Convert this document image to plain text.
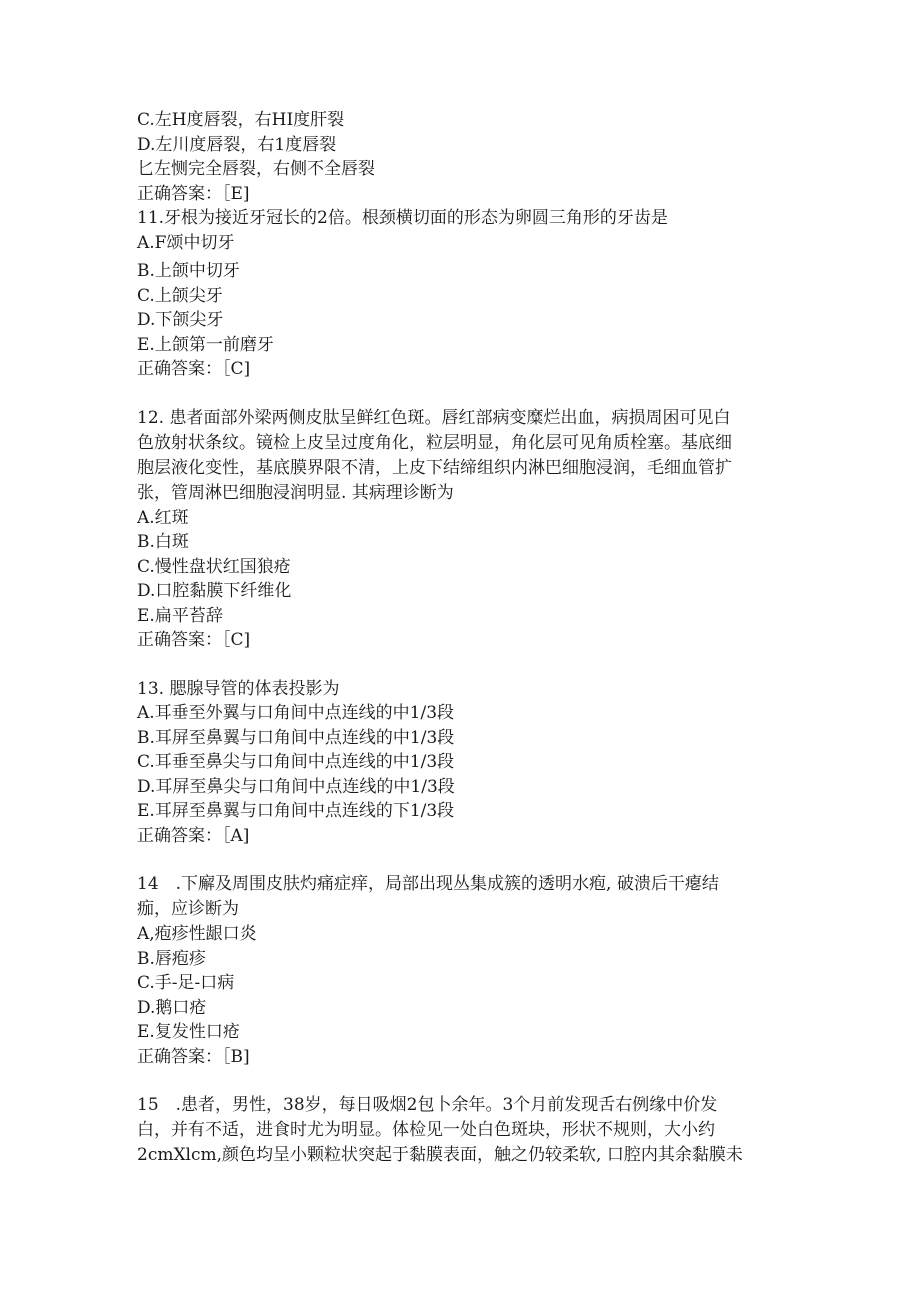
C.左H度唇裂，右HI度肝裂
D.左川度唇裂，右1度唇裂
匕左恻完全唇裂，右侧不全唇裂
正确答案：［E]
11.牙根为接近牙冠长的2倍。根颈横切面的形态为卵圆三角形的牙齿是
A.F颂中切牙
B.上颌中切牙
C.上颌尖牙
D.下颌尖牙
E.上颌第一前磨牙
正确答案：［C]
12. 患者面部外梁两侧皮肽呈鲜红色斑。唇红部病变糜烂出血，病损周困可见白
色放射状条纹。镜检上皮呈过度角化，粒层明显，角化层可见角质栓塞。基底细
胞层液化变性，基底膜界限不清，上皮下结缔组织内淋巴细胞浸润，毛细血管扩
张，管周淋巴细胞浸润明显. 其病理诊断为
A.红斑
B.白斑
C.慢性盘状红国狼疮
D.口腔黏膜下纤维化
E.扁平苔辞
正确答案：［C]
13. 腮腺导管的体表投影为
A.耳垂至外翼与口角间中点连线的中1/3段
B.耳屏至鼻翼与口角间中点连线的中1/3段
C.耳垂至鼻尖与口角间中点连线的中1/3段
D.耳屏至鼻尖与口角间中点连线的中1/3段
E.耳屏至鼻翼与口角间中点连线的下1/3段
正确答案：［A]
14　.下廨及周围皮肤灼痛症痒，局部出现丛集成簇的透明水疱, 破溃后干瘪结
痂，应诊断为
A,疱疹性龈口炎
B.唇疱疹
C.手-足-口病
D.鹅口疮
E.复发性口疮
正确答案：［B]
15　.患者，男性，38岁，每日吸烟2包卜余年。3个月前发现舌右例缘中价发
白，并有不适，进食时尤为明显。体检见一处白色斑块，形状不规则，大小约
2cmXlcm,颜色均呈小颗粒状突起于黏膜表面，触之仍较柔软, 口腔内其余黏膜未
